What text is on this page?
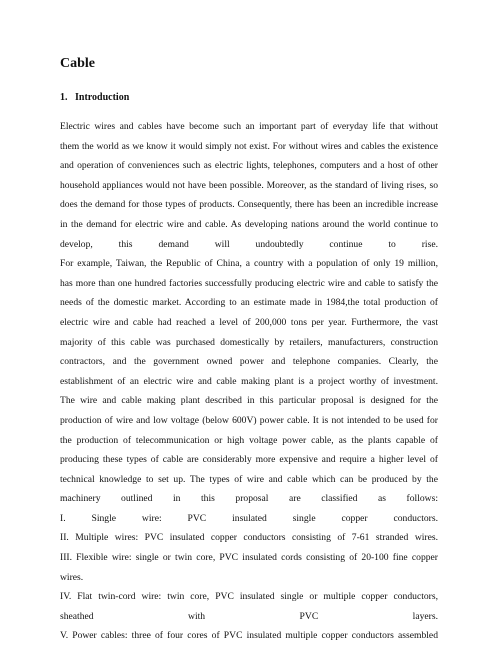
Cable
1.   Introduction
Electric wires and cables have become such an important part of everyday life that without
them the world as we know it would simply not exist. For without wires and cables the existence
and operation of conveniences such as electric lights, telephones, computers and a host of other
household appliances would not have been possible. Moreover, as the standard of living rises, so
does the demand for those types of products. Consequently, there has been an incredible increase
in the demand for electric wire and cable. As developing nations around the world continue to
develop, this demand will undoubtedly continue to rise.
For example, Taiwan, the Republic of China, a country with a population of only 19 million,
has more than one hundred factories successfully producing electric wire and cable to satisfy the
needs of the domestic market. According to an estimate made in 1984,the total production of
electric wire and cable had reached a level of 200,000 tons per year. Furthermore, the vast
majority of this cable was purchased domestically by retailers, manufacturers, construction
contractors, and the government owned power and telephone companies. Clearly, the
establishment of an electric wire and cable making plant is a project worthy of investment.
The wire and cable making plant described in this particular proposal is designed for the
production of wire and low voltage (below 600V) power cable. It is not intended to be used for
the production of telecommunication or high voltage power cable, as the plants capable of
producing these types of cable are considerably more expensive and require a higher level of
technical knowledge to set up. The types of wire and cable which can be produced by the
machinery outlined in this proposal are classified as follows:
I. Single wire: PVC insulated single copper conductors.
II. Multiple wires: PVC insulated copper conductors consisting of 7-61 stranded wires.
III. Flexible wire: single or twin core, PVC insulated cords consisting of 20-100 fine copper
wires.
IV. Flat twin-cord wire: twin core, PVC insulated single or multiple copper conductors,
sheathed with PVC layers.
V. Power cables: three of four cores of PVC insulated multiple copper conductors assembled
